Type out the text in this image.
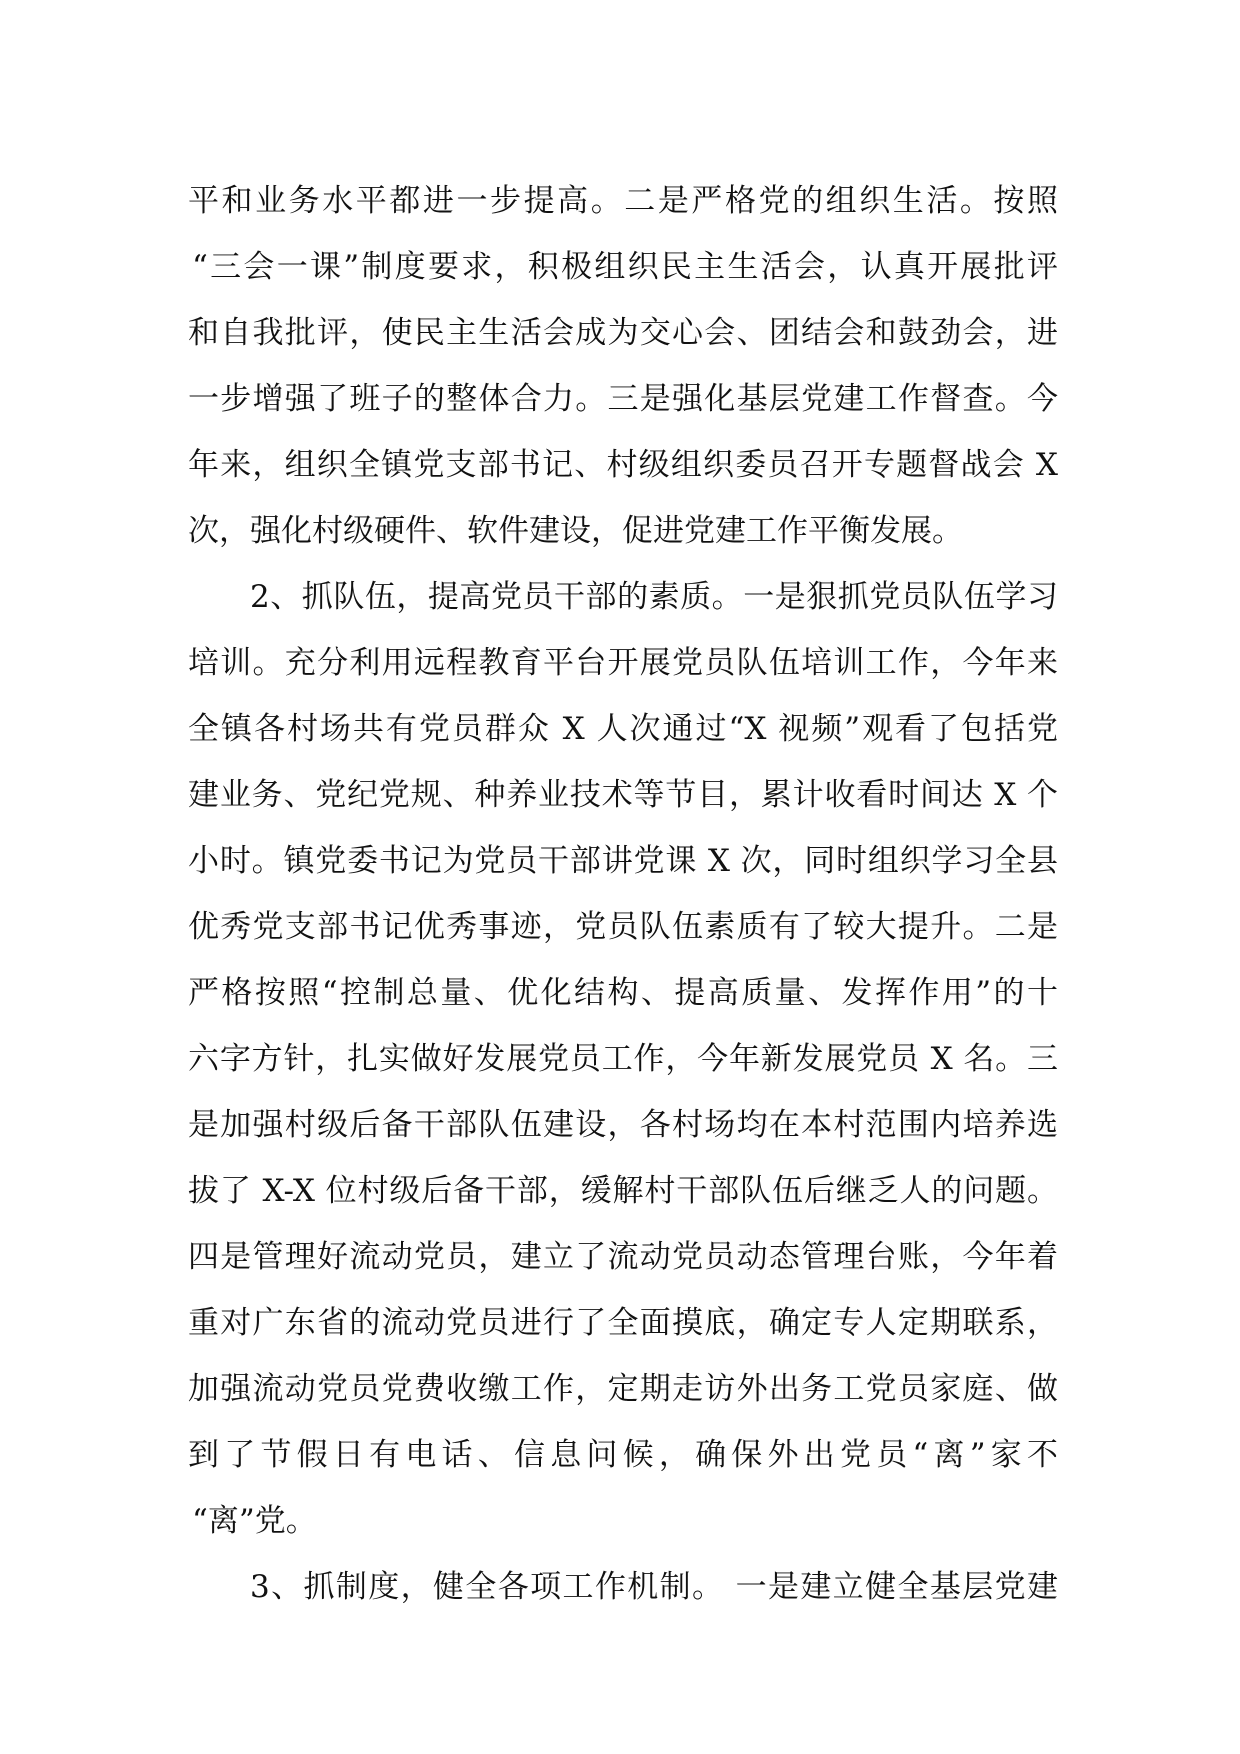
平和业务水平都进一步提高。二是严格党的组织生活。按照
“三会一课”制度要求，积极组织民主生活会，认真开展批评
和自我批评，使民主生活会成为交心会、团结会和鼓劲会，进
一步增强了班子的整体合力。三是强化基层党建工作督查。今
年来，组织全镇党支部书记、村级组织委员召开专题督战会 X
次，强化村级硬件、软件建设，促进党建工作平衡发展。
2、抓队伍，提高党员干部的素质。一是狠抓党员队伍学习
培训。充分利用远程教育平台开展党员队伍培训工作，今年来
全镇各村场共有党员群众 X 人次通过“X 视频”观看了包括党
建业务、党纪党规、种养业技术等节目，累计收看时间达 X 个
小时。镇党委书记为党员干部讲党课 X 次，同时组织学习全县
优秀党支部书记优秀事迹，党员队伍素质有了较大提升。二是
严格按照“控制总量、优化结构、提高质量、发挥作用”的十
六字方针，扎实做好发展党员工作，今年新发展党员 X 名。三
是加强村级后备干部队伍建设，各村场均在本村范围内培养选
拔了 X-X 位村级后备干部，缓解村干部队伍后继乏人的问题。
四是管理好流动党员，建立了流动党员动态管理台账，今年着
重对广东省的流动党员进行了全面摸底，确定专人定期联系，
加强流动党员党费收缴工作，定期走访外出务工党员家庭、做
到了节假日有电话、信息问候，确保外出党员“离”家不
“离”党。
3、抓制度，健全各项工作机制。 一是建立健全基层党建
